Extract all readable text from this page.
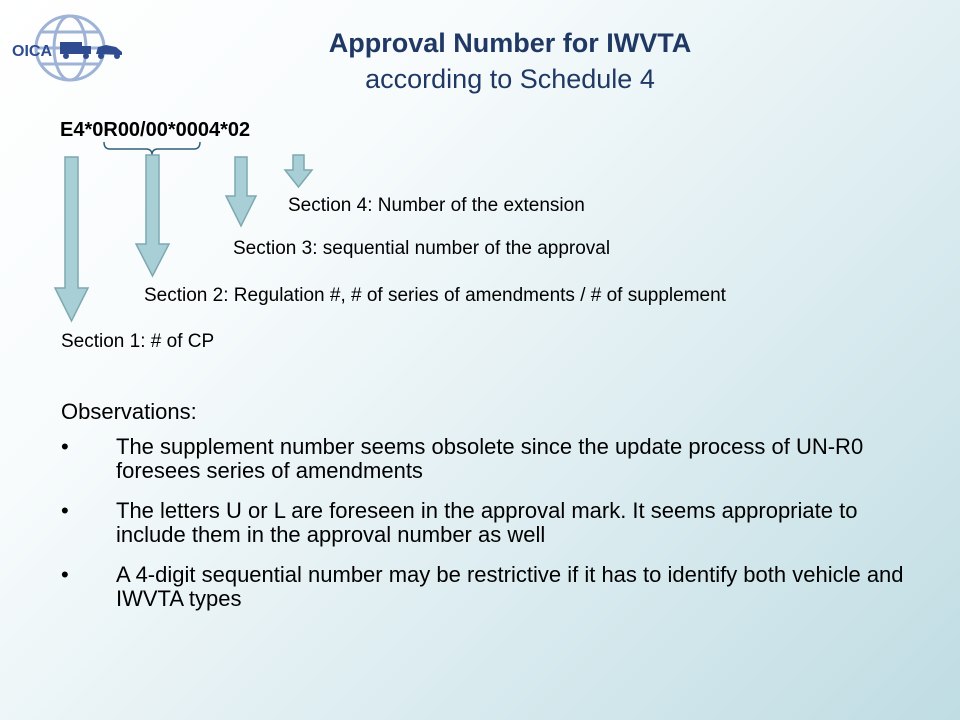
OICA	Approval Number for IWVTA
according to Schedule 4
E4*0R00/00*0004*02
Section 4: Number of the extension
Section 3: sequential number of the approval
Section 2: Regulation #, # of series of amendments / # of supplement
Section 1: # of CP
Observations:
• The supplement number seems obsolete since the update process of UN-R0 foresees series of amendments
• The letters U or L are foreseen in the approval mark. It seems appropriate to include them in the approval number as well
• A 4-digit sequential number may be restrictive if it has to identify both vehicle and IWVTA types
